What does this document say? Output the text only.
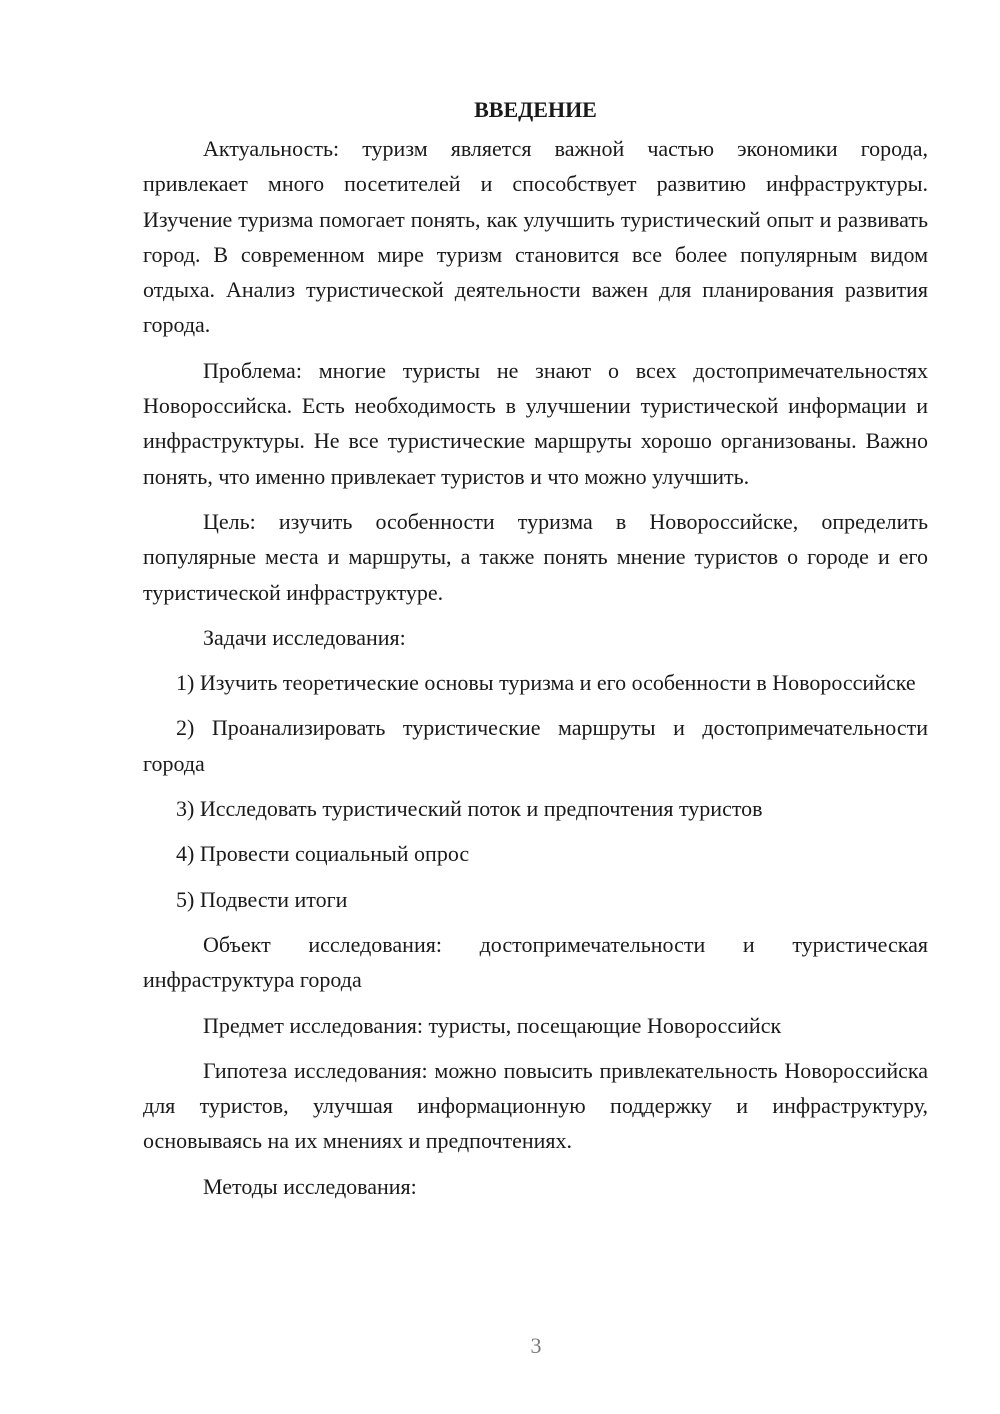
ВВЕДЕНИЕ

Актуальность: туризм является важной частью экономики города, привлекает много посетителей и способствует развитию инфраструктуры. Изучение туризма помогает понять, как улучшить туристический опыт и развивать город. В современном мире туризм становится все более популярным видом отдыха. Анализ туристической деятельности важен для планирования развития города.

Проблема: многие туристы не знают о всех достопримечательностях Новороссийска. Есть необходимость в улучшении туристической информации и инфраструктуры. Не все туристические маршруты хорошо организованы. Важно понять, что именно привлекает туристов и что можно улучшить.

Цель: изучить особенности туризма в Новороссийске, определить популярные места и маршруты, а также понять мнение туристов о городе и его туристической инфраструктуре.

Задачи исследования:

1) Изучить теоретические основы туризма и его особенности в Новороссийске

2) Проанализировать туристические маршруты и достопримечательности города

3) Исследовать туристический поток и предпочтения туристов

4) Провести социальный опрос

5) Подвести итоги

Объект исследования: достопримечательности и туристическая инфраструктура города

Предмет исследования: туристы, посещающие Новороссийск

Гипотеза исследования: можно повысить привлекательность Новороссийска для туристов, улучшая информационную поддержку и инфраструктуру, основываясь на их мнениях и предпочтениях.

Методы исследования:

3
